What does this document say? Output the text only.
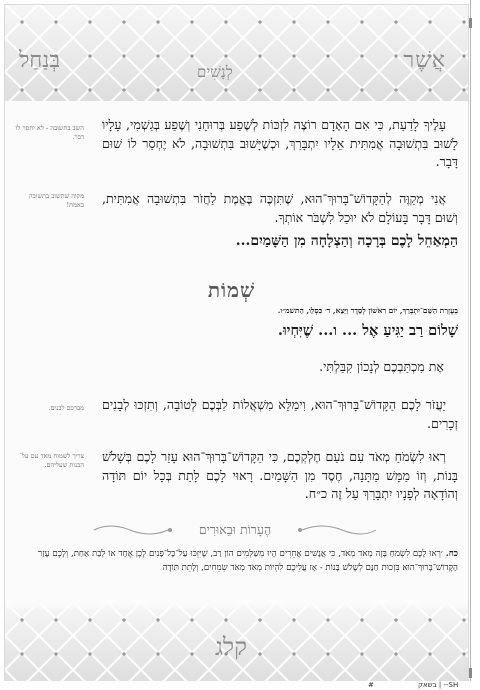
אֲשֶׁר
לְנָשִׁים
בְּנַחַל
קלג
עָלֶיךָ לָדַעַת, כִּי אִם הָאָדָם רוֹצֶה לִזְכּוֹת לְשֶׁפַע בְּרוּחָנִי וְשֶׁפַע בְּגַשְׁמִי, עָלָיו לָשׁוּב בִּתְשׁוּבָה אֲמִתִּית אֵלָיו יִתְבָּרַךְ, וּכְשֶׁיָּשׁוּב בִּתְשׁוּבָה, לֹא יֶחְסַר לוֹ שׁוּם דָּבָר.
אֲנִי מְקַוֶּה לְהַקָּדוֹשׁ־בָּרוּךְ־הוּא, שֶׁתִּזְכֶּה בֶּאֱמֶת לַחֲזֹר בִּתְשׁוּבָה אֲמִתִּית, וְשׁוּם דָּבָר בָּעוֹלָם לֹא יוּכַל לִשְׁבֹּר אוֹתְךָ.
הַמְאַחֵל לָכֶם בְּרָכָה וְהַצְלָחָה מִן הַשָּׁמַיִם...
השב בתשובה - לא יחסר לו דבר.
מקוה שתשוב בתשובה באמת!
שְׁמוֹת
בְּעֶזְרַת הַשֵּׁם־יִתְבָּרַךְ, יוֹם רִאשׁוֹן לְסֵדֶר וַיֵּצֵא, ד׳ כִּסְלֵו, הַתשמ״ו.
שָׁלוֹם רַב יַגִּיעַ אֶל ... ו... שֶׁיִּחְיוּ.
אֶת מִכְתַּבְכֶם לְנָכוֹן קִבַּלְתִּי.
יַעֲזֹר לָכֶם הַקָּדוֹשׁ־בָּרוּךְ־הוּא, וִימַלֵּא מִשְׁאֲלוֹת לִבְּכֶם לְטוֹבָה, וְתִזְכּוּ לְבָנִים זְכָרִים.
רְאוּ לִשְׂמֹחַ מְאֹד עִם נֹעַם חֶלְקְכֶם, כִּי הַקָּדוֹשׁ־בָּרוּךְ־הוּא עָזַר לָכֶם בְּשָׁלֹשׁ בָּנוֹת, וְזוֹ מַמָּשׁ מַתָּנָה, חֶסֶד מִן הַשָּׁמַיִם. רָאוּי לָכֶם לָתֵת בְּכָל יוֹם תּוֹדָה וְהוֹדָאָה לְפָנָיו יִתְבָּרַךְ עַל זֶה כ״ח.
מברכם לבנים.
צריך לשמוח מאד עם על־ הבנות שעליהם.
הֶעָרוֹת וּבֵאוּרִים
כח. ׳רְאוּ לָכֶם לִשְׂמֹחַ בָּזֶה מְאֹד מְאֹד, כִּי אֲנָשִׁים אֲחֵרִים הָיוּ מְשַׁלְּמִים הוֹן רַב, שֶׁיִּזְכּוּ עַל־כָּל־פָּנִים לָכֶן אֶחָד אוֹ לְבַת אַחַת, וְלָכֶם עָזַר הַקָּדוֹשׁ־בָּרוּךְ־הוּא בִּזְכוּת חַנָּם לְשָׁלֹשׁ בָּנוֹת - אָז עֲלֵיכֶם לִהְיוֹת מְאֹד מְאֹד שְׂמֵחִים, וְלָתֵת תּוֹדָה
#	בשאק | --SH
